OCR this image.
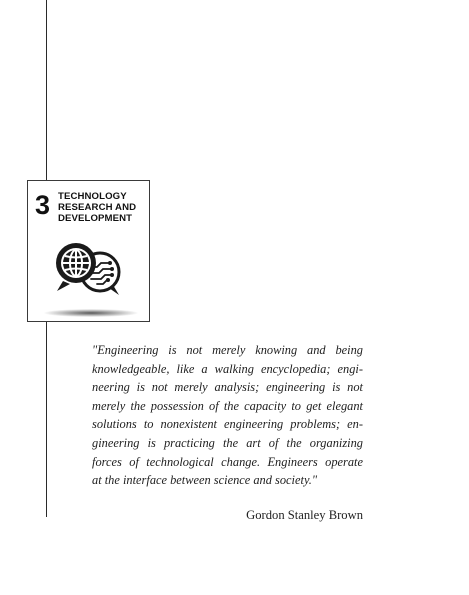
3 TECHNOLOGY
RESEARCH AND
DEVELOPMENT
"Engineering is not merely knowing and being
knowledgeable, like a walking encyclopedia; engi-
neering is not merely analysis; engineering is not
merely the possession of the capacity to get elegant
solutions to nonexistent engineering problems; en-
gineering is practicing the art of the organizing
forces of technological change. Engineers operate
at the interface between science and society."
Gordon Stanley Brown
